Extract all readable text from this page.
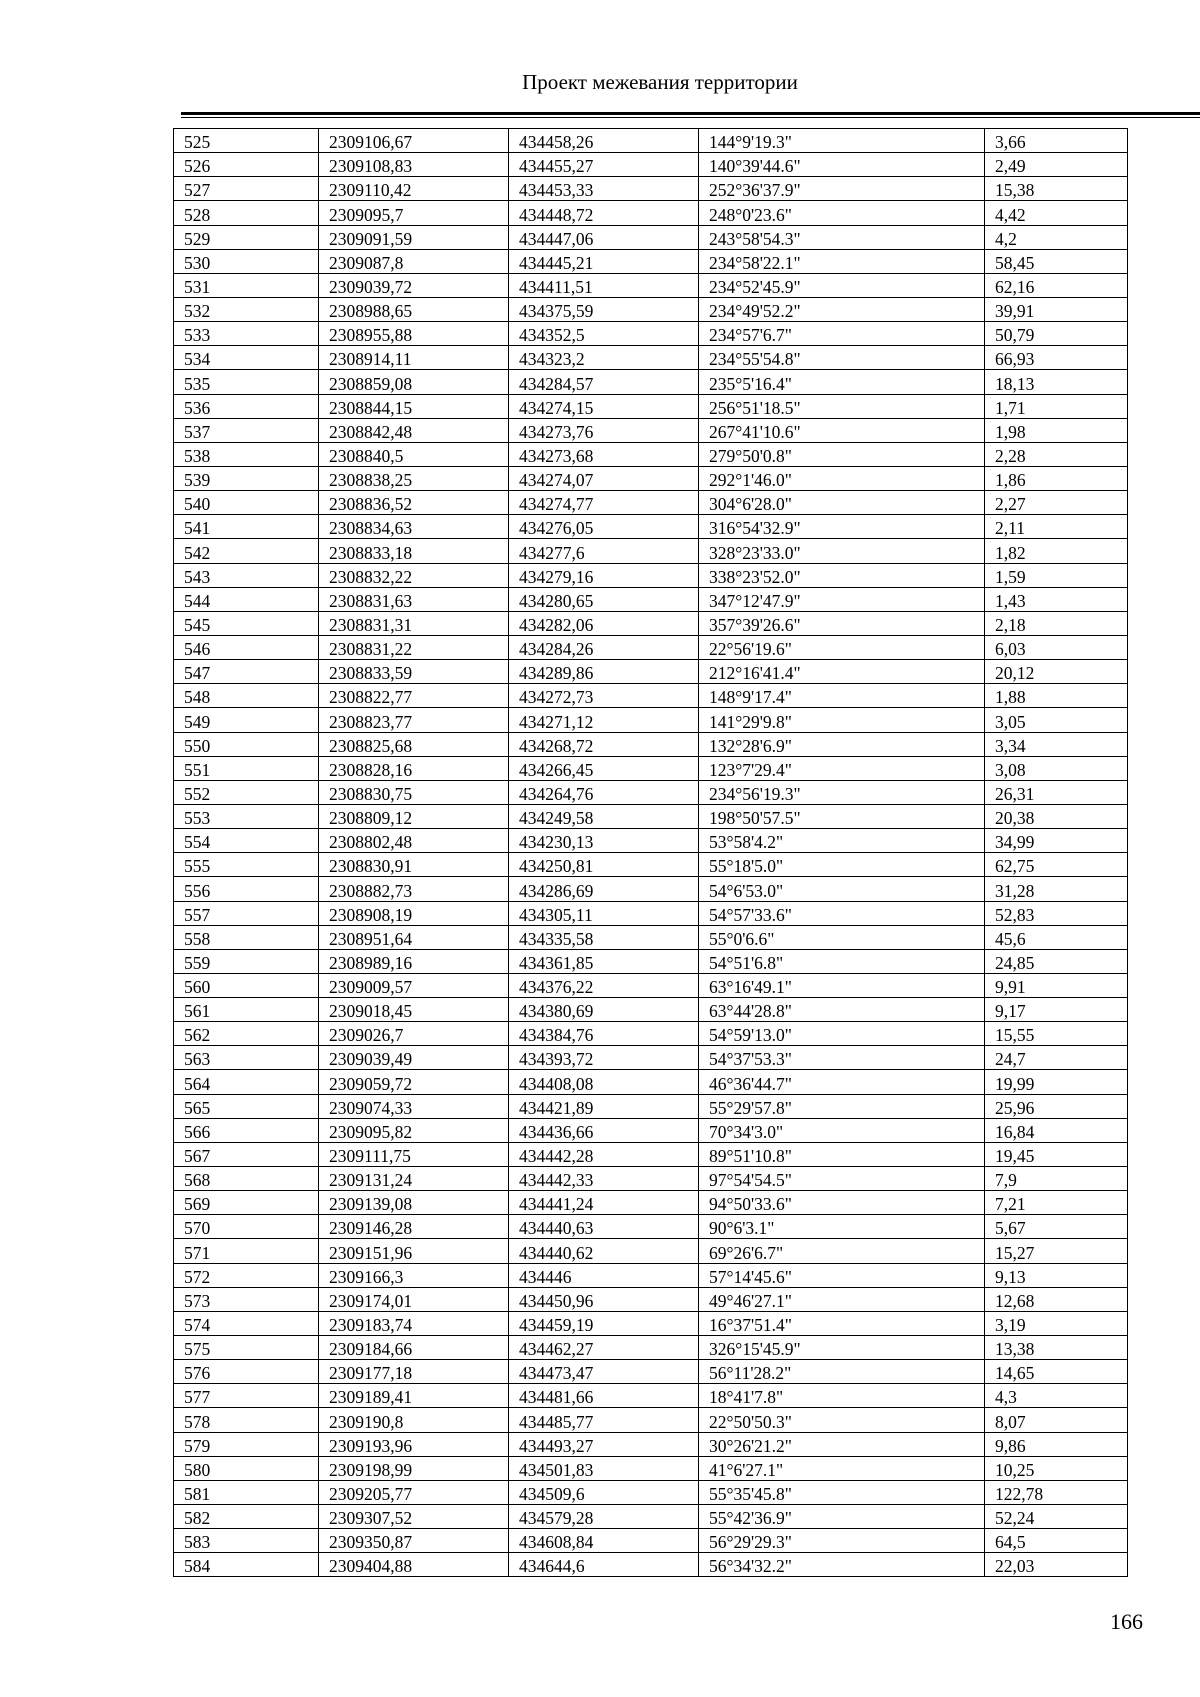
Проект межевания территории
525	2309106,67	434458,26	144°9'19.3"	3,66
526	2309108,83	434455,27	140°39'44.6"	2,49
527	2309110,42	434453,33	252°36'37.9"	15,38
528	2309095,7	434448,72	248°0'23.6"	4,42
529	2309091,59	434447,06	243°58'54.3"	4,2
530	2309087,8	434445,21	234°58'22.1"	58,45
531	2309039,72	434411,51	234°52'45.9"	62,16
532	2308988,65	434375,59	234°49'52.2"	39,91
533	2308955,88	434352,5	234°57'6.7"	50,79
534	2308914,11	434323,2	234°55'54.8"	66,93
535	2308859,08	434284,57	235°5'16.4"	18,13
536	2308844,15	434274,15	256°51'18.5"	1,71
537	2308842,48	434273,76	267°41'10.6"	1,98
538	2308840,5	434273,68	279°50'0.8"	2,28
539	2308838,25	434274,07	292°1'46.0"	1,86
540	2308836,52	434274,77	304°6'28.0"	2,27
541	2308834,63	434276,05	316°54'32.9"	2,11
542	2308833,18	434277,6	328°23'33.0"	1,82
543	2308832,22	434279,16	338°23'52.0"	1,59
544	2308831,63	434280,65	347°12'47.9"	1,43
545	2308831,31	434282,06	357°39'26.6"	2,18
546	2308831,22	434284,26	22°56'19.6"	6,03
547	2308833,59	434289,86	212°16'41.4"	20,12
548	2308822,77	434272,73	148°9'17.4"	1,88
549	2308823,77	434271,12	141°29'9.8"	3,05
550	2308825,68	434268,72	132°28'6.9"	3,34
551	2308828,16	434266,45	123°7'29.4"	3,08
552	2308830,75	434264,76	234°56'19.3"	26,31
553	2308809,12	434249,58	198°50'57.5"	20,38
554	2308802,48	434230,13	53°58'4.2"	34,99
555	2308830,91	434250,81	55°18'5.0"	62,75
556	2308882,73	434286,69	54°6'53.0"	31,28
557	2308908,19	434305,11	54°57'33.6"	52,83
558	2308951,64	434335,58	55°0'6.6"	45,6
559	2308989,16	434361,85	54°51'6.8"	24,85
560	2309009,57	434376,22	63°16'49.1"	9,91
561	2309018,45	434380,69	63°44'28.8"	9,17
562	2309026,7	434384,76	54°59'13.0"	15,55
563	2309039,49	434393,72	54°37'53.3"	24,7
564	2309059,72	434408,08	46°36'44.7"	19,99
565	2309074,33	434421,89	55°29'57.8"	25,96
566	2309095,82	434436,66	70°34'3.0"	16,84
567	2309111,75	434442,28	89°51'10.8"	19,45
568	2309131,24	434442,33	97°54'54.5"	7,9
569	2309139,08	434441,24	94°50'33.6"	7,21
570	2309146,28	434440,63	90°6'3.1"	5,67
571	2309151,96	434440,62	69°26'6.7"	15,27
572	2309166,3	434446	57°14'45.6"	9,13
573	2309174,01	434450,96	49°46'27.1"	12,68
574	2309183,74	434459,19	16°37'51.4"	3,19
575	2309184,66	434462,27	326°15'45.9"	13,38
576	2309177,18	434473,47	56°11'28.2"	14,65
577	2309189,41	434481,66	18°41'7.8"	4,3
578	2309190,8	434485,77	22°50'50.3"	8,07
579	2309193,96	434493,27	30°26'21.2"	9,86
580	2309198,99	434501,83	41°6'27.1"	10,25
581	2309205,77	434509,6	55°35'45.8"	122,78
582	2309307,52	434579,28	55°42'36.9"	52,24
583	2309350,87	434608,84	56°29'29.3"	64,5
584	2309404,88	434644,6	56°34'32.2"	22,03
166
